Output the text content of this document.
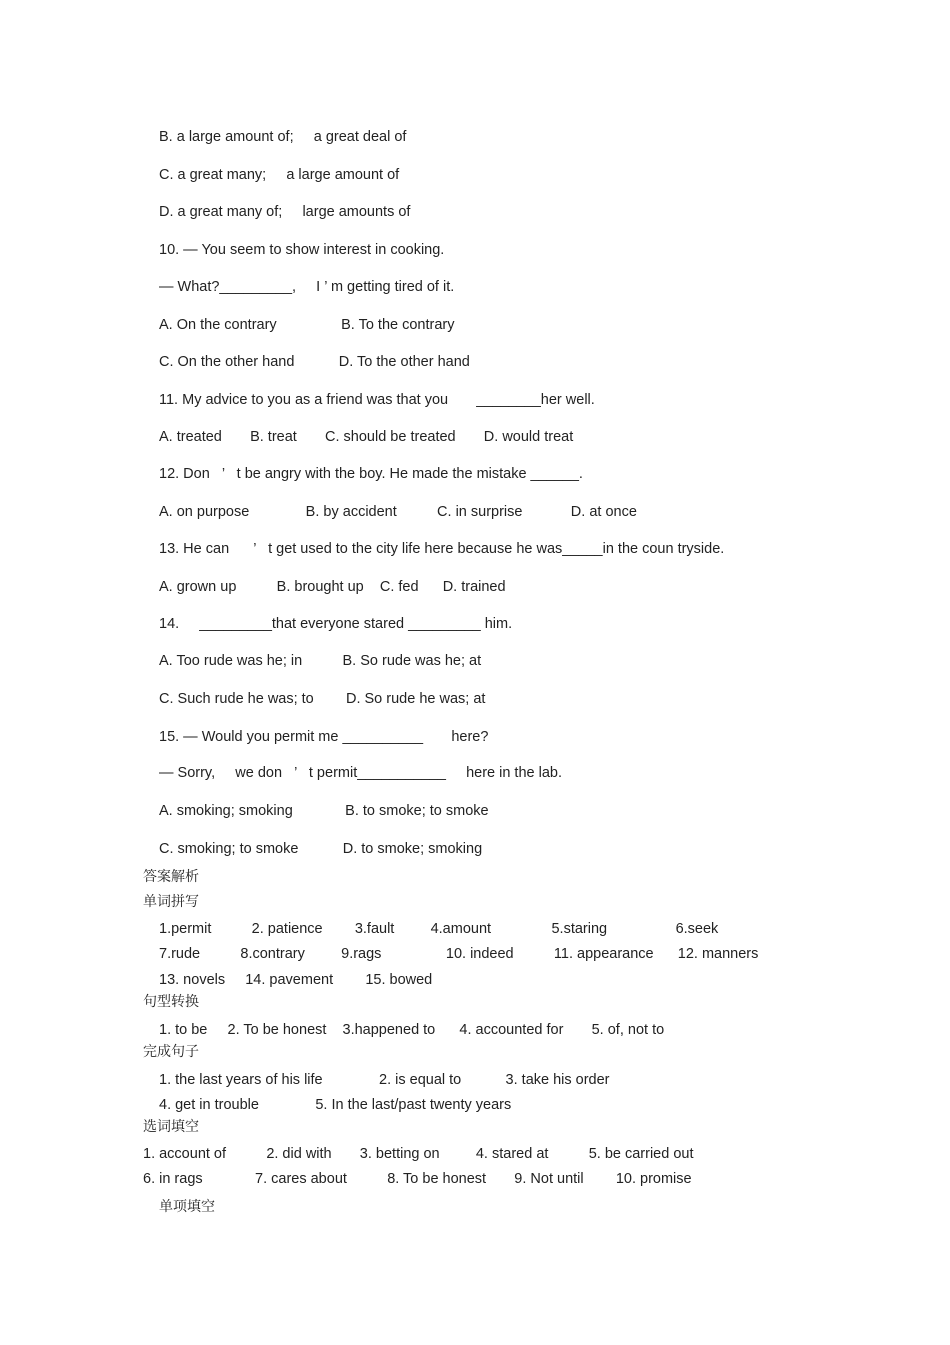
B. a large amount of;     a great deal of
C. a great many;     a large amount of
D. a great many of;     large amounts of
10. — You seem to show interest in cooking.
— What?_________,     I ’ m getting tired of it.
A. On the contrary                B. To the contrary
C. On the other hand           D. To the other hand
11. My advice to you as a friend was that you       ________her well.
A. treated       B. treat       C. should be treated       D. would treat
12. Don   ’   t be angry with the boy. He made the mistake ______.
A. on purpose              B. by accident          C. in surprise            D. at once
13. He can      ’   t get used to the city life here because he was_____in the coun tryside.
A. grown up          B. brought up    C. fed      D. trained
14.     _________that everyone stared _________ him.
A. Too rude was he; in          B. So rude was he; at
C. Such rude he was; to        D. So rude he was; at
15. — Would you permit me __________       here?
— Sorry,     we don   ’   t permit___________     here in the lab.
A. smoking; smoking             B. to smoke; to smoke
C. smoking; to smoke           D. to smoke; smoking
答案解析
单词拼写
1.permit          2. patience        3.fault         4.amount               5.staring                 6.seek
7.rude          8.contrary         9.rags                10. indeed          11. appearance      12. manners
13. novels     14. pavement        15. bowed
句型转换
1. to be     2. To be honest    3.happened to      4. accounted for       5. of, not to
完成句子
1. the last years of his life              2. is equal to           3. take his order
4. get in trouble              5. In the last/past twenty years
选词填空
1. account of          2. did with       3. betting on         4. stared at          5. be carried out
6. in rags             7. cares about          8. To be honest       9. Not until        10. promise
单项填空
